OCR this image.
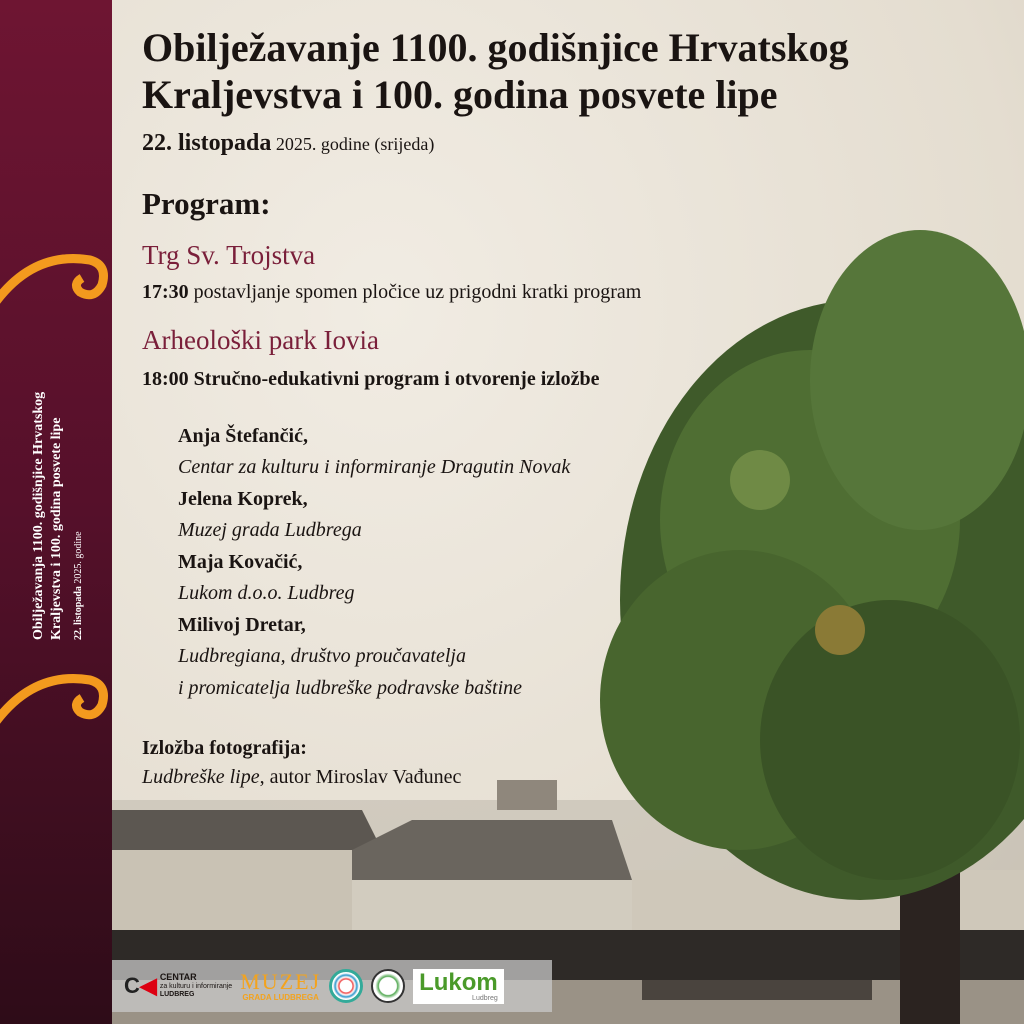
Obilježavanja 1100. godišnjice Hrvatskog Kraljevstva i 100. godina posvete lipe 22. listopada 2025. godine
Obilježavanje 1100. godišnjice Hrvatskog
Kraljevstva i 100. godina posvete lipe
22. listopada 2025. godine (srijeda)
Program:
Trg Sv. Trojstva
17:30 postavljanje spomen pločice uz prigodni kratki program
Arheološki park Iovia
18:00 Stručno-edukativni program i otvorenje izložbe
Anja Štefančić,
Centar za kulturu i informiranje Dragutin Novak
Jelena Koprek,
Muzej grada Ludbrega
Maja Kovačić,
Lukom d.o.o. Ludbreg
Milivoj Dretar,
Ludbregiana, društvo proučavatelja
i promicatelja ludbreške podravske baštine
Izložba fotografija:
Ludbreške lipe, autor Miroslav Vađunec
C◀ CENTAR
za kulturu i informiranje
LUDBREG
MUZEJ
GRADA LUDBREGA
Lukom
Ludbreg
